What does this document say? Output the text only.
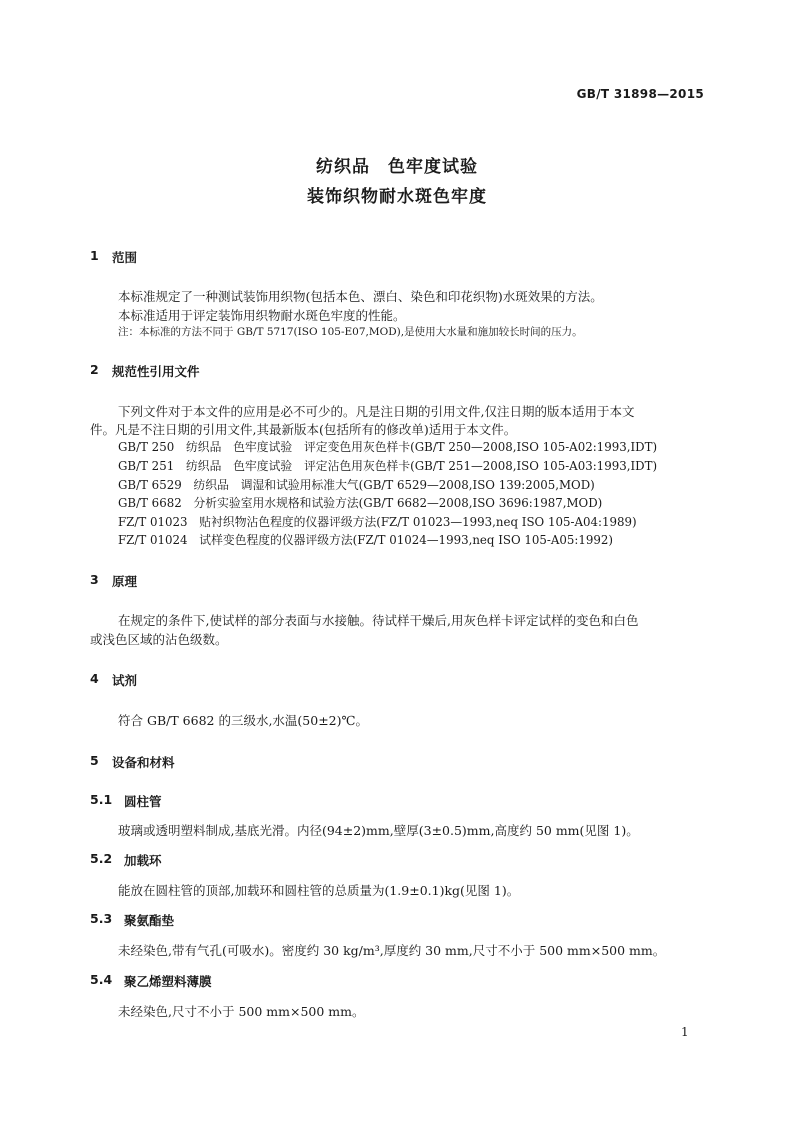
GB/T 31898—2015
纺织品　色牢度试验
装饰织物耐水斑色牢度
1 范围
本标准规定了一种测试装饰用织物(包括本色、漂白、染色和印花织物)水斑效果的方法。
本标准适用于评定装饰用织物耐水斑色牢度的性能。
注：本标准的方法不同于 GB/T 5717(ISO 105-E07,MOD),是使用大水量和施加较长时间的压力。
2 规范性引用文件
下列文件对于本文件的应用是必不可少的。凡是注日期的引用文件,仅注日期的版本适用于本文
件。凡是不注日期的引用文件,其最新版本(包括所有的修改单)适用于本文件。
GB/T 250　纺织品　色牢度试验　评定变色用灰色样卡(GB/T 250—2008,ISO 105-A02:1993,IDT)
GB/T 251　纺织品　色牢度试验　评定沾色用灰色样卡(GB/T 251—2008,ISO 105-A03:1993,IDT)
GB/T 6529　纺织品　调湿和试验用标准大气(GB/T 6529—2008,ISO 139:2005,MOD)
GB/T 6682　分析实验室用水规格和试验方法(GB/T 6682—2008,ISO 3696:1987,MOD)
FZ/T 01023　贴衬织物沾色程度的仪器评级方法(FZ/T 01023—1993,neq ISO 105-A04:1989)
FZ/T 01024　试样变色程度的仪器评级方法(FZ/T 01024—1993,neq ISO 105-A05:1992)
3 原理
在规定的条件下,使试样的部分表面与水接触。待试样干燥后,用灰色样卡评定试样的变色和白色
或浅色区域的沾色级数。
4 试剂
符合 GB/T 6682 的三级水,水温(50±2)℃。
5 设备和材料
5.1 圆柱管
玻璃或透明塑料制成,基底光滑。内径(94±2)mm,壁厚(3±0.5)mm,高度约 50 mm(见图 1)。
5.2 加载环
能放在圆柱管的顶部,加载环和圆柱管的总质量为(1.9±0.1)kg(见图 1)。
5.3 聚氨酯垫
未经染色,带有气孔(可吸水)。密度约 30 kg/m³,厚度约 30 mm,尺寸不小于 500 mm×500 mm。
5.4 聚乙烯塑料薄膜
未经染色,尺寸不小于 500 mm×500 mm。
1
